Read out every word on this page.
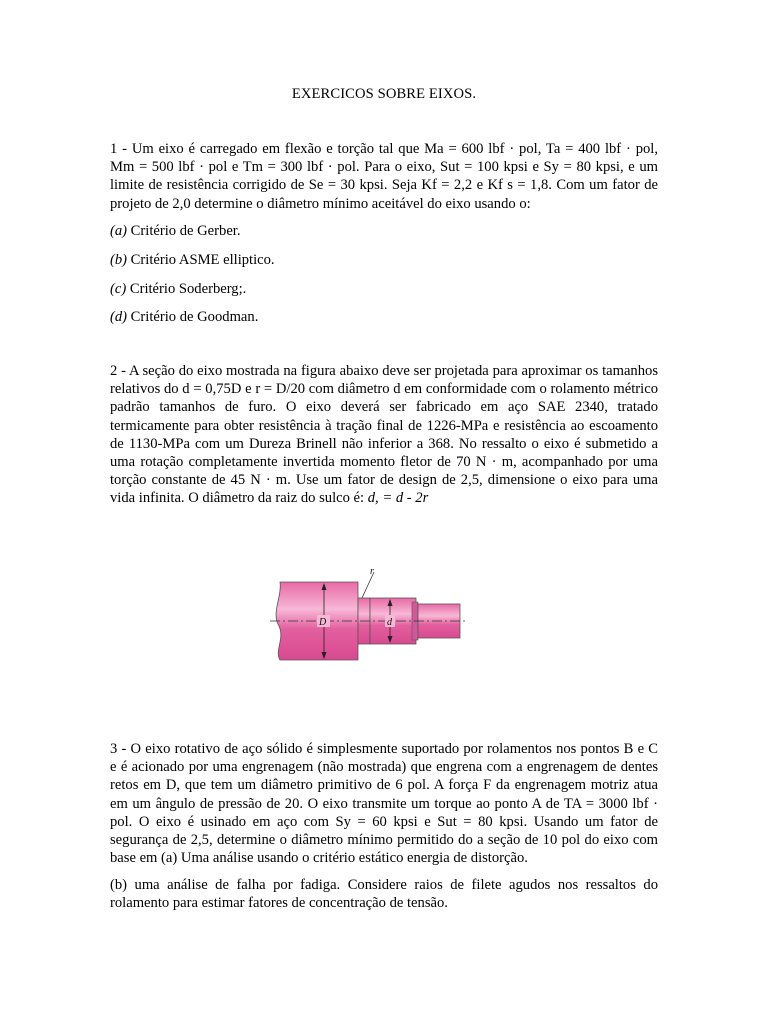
EXERCICOS SOBRE EIXOS.
1 - Um eixo é carregado em flexão e torção tal que Ma = 600 lbf · pol, Ta = 400 lbf · pol, Mm = 500 lbf · pol e Tm = 300 lbf · pol. Para o eixo, Sut = 100 kpsi e Sy = 80 kpsi, e um limite de resistência corrigido de Se = 30 kpsi. Seja Kf = 2,2 e Kf s = 1,8. Com um fator de projeto de 2,0 determine o diâmetro mínimo aceitável do eixo usando o:
(a) Critério de Gerber.
(b) Critério ASME elliptico.
(c) Critério Soderberg;.
(d) Critério de Goodman.
2 - A seção do eixo mostrada na figura abaixo deve ser projetada para aproximar os tamanhos relativos do d = 0,75D e r = D/20 com diâmetro d em conformidade com o rolamento métrico padrão tamanhos de furo. O eixo deverá ser fabricado em aço SAE 2340, tratado termicamente para obter resistência à tração final de 1226-MPa e resistência ao escoamento de 1130-MPa com um Dureza Brinell não inferior a 368. No ressalto o eixo é submetido a uma rotação completamente invertida momento fletor de 70 N · m, acompanhado por uma torção constante de 45 N · m. Use um fator de design de 2,5, dimensione o eixo para uma vida infinita. O diâmetro da raiz do sulco é: d, = d - 2r
r
D	d
3 - O eixo rotativo de aço sólido é simplesmente suportado por rolamentos nos pontos B e C e é acionado por uma engrenagem (não mostrada) que engrena com a engrenagem de dentes retos em D, que tem um diâmetro primitivo de 6 pol. A força F da engrenagem motriz atua em um ângulo de pressão de 20. O eixo transmite um torque ao ponto A de TA = 3000 lbf · pol. O eixo é usinado em aço com Sy = 60 kpsi e Sut = 80 kpsi. Usando um fator de segurança de 2,5, determine o diâmetro mínimo permitido do a seção de 10 pol do eixo com base em (a) Uma análise usando o critério estático energia de distorção.
(b) uma análise de falha por fadiga. Considere raios de filete agudos nos ressaltos do rolamento para estimar fatores de concentração de tensão.
